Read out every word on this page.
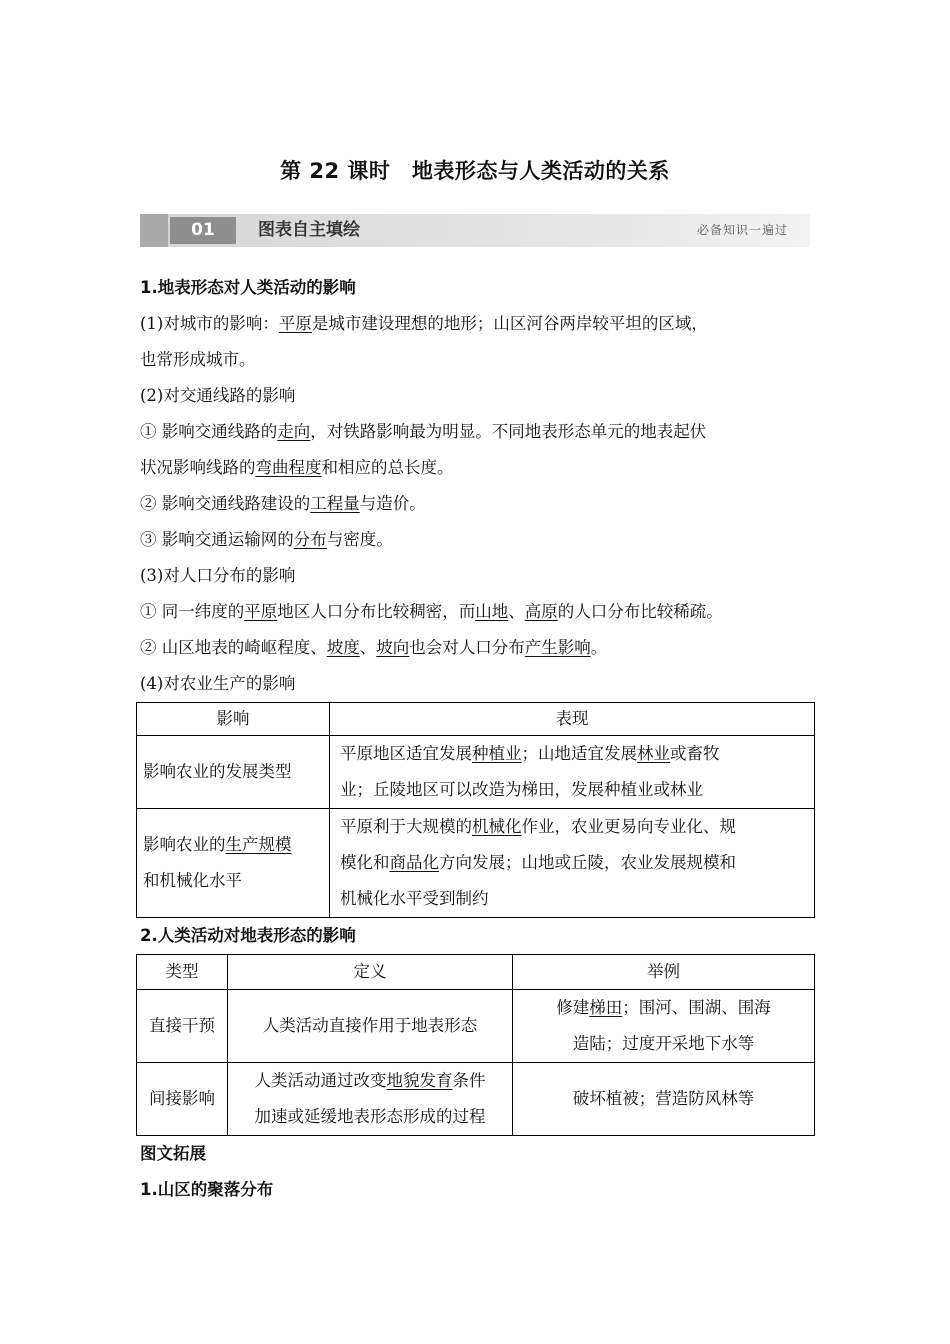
第 22 课时　地表形态与人类活动的关系
01	图表自主填绘	必备知识一遍过
1.地表形态对人类活动的影响
(1)对城市的影响：平原是城市建设理想的地形；山区河谷两岸较平坦的区域，
也常形成城市。
(2)对交通线路的影响
① 影响交通线路的走向，对铁路影响最为明显。不同地表形态单元的地表起伏
状况影响线路的弯曲程度和相应的总长度。
② 影响交通线路建设的工程量与造价。
③ 影响交通运输网的分布与密度。
(3)对人口分布的影响
① 同一纬度的平原地区人口分布比较稠密，而山地、高原的人口分布比较稀疏。
② 山区地表的崎岖程度、坡度、坡向也会对人口分布产生影响。
(4)对农业生产的影响
影响	表现
影响农业的发展类型	平原地区适宜发展种植业；山地适宜发展林业或畜牧
业；丘陵地区可以改造为梯田，发展种植业或林业
影响农业的生产规模
和机械化水平	平原利于大规模的机械化作业，农业更易向专业化、规
模化和商品化方向发展；山地或丘陵，农业发展规模和
机械化水平受到制约
2.人类活动对地表形态的影响
类型	定义	举例
直接干预	人类活动直接作用于地表形态	修建梯田；围河、围湖、围海
造陆；过度开采地下水等
间接影响	人类活动通过改变地貌发育条件
加速或延缓地表形态形成的过程	破坏植被；营造防风林等
图文拓展
1.山区的聚落分布
